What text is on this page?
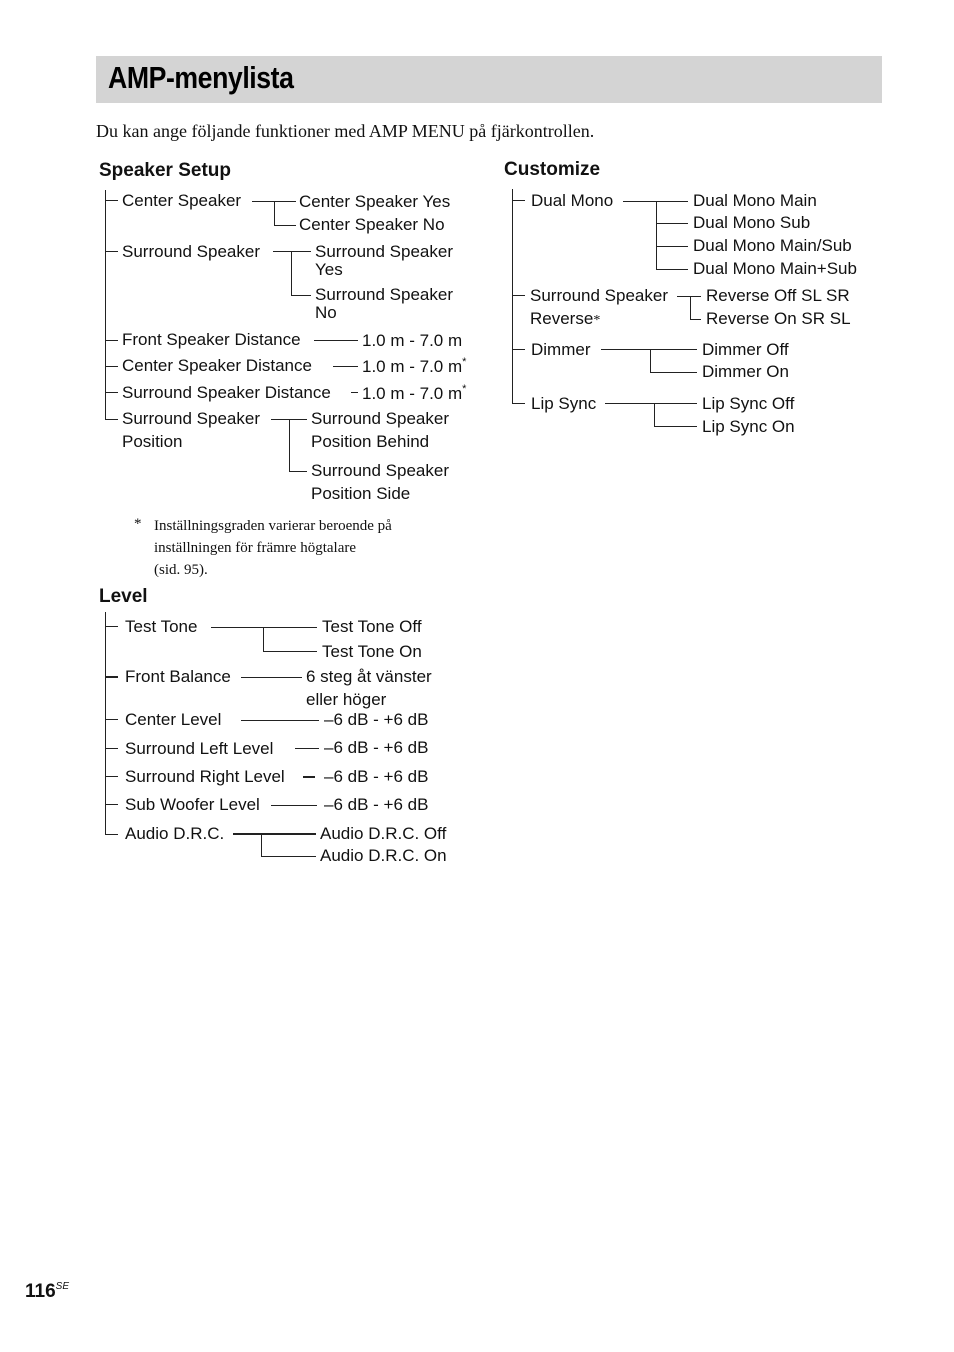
AMP-menylista
Du kan ange följande funktioner med AMP MENU på fjärkontrollen.
Speaker Setup
Center Speaker	Center Speaker Yes
Center Speaker No
Surround Speaker	Surround Speaker
Yes
Surround Speaker
No
Front Speaker Distance	1.0 m - 7.0 m
Center Speaker Distance	1.0 m - 7.0 m*
Surround Speaker Distance 1.0 m - 7.0 m*
Surround Speaker
Position
Surround Speaker
Position Behind
Surround Speaker
Position Side
* Inställningsgraden varierar beroende på
inställningen för främre högtalare
(sid. 95).
Level
Test Tone	Test Tone Off
Test Tone On
Front Balance	6 steg åt vänster
eller höger
Center Level	–6 dB - +6 dB
Surround Left Level	–6 dB - +6 dB
Surround Right Level –6 dB - +6 dB
Sub Woofer Level	–6 dB - +6 dB
Audio D.R.C.	Audio D.R.C. Off
Audio D.R.C. On
Customize
Dual Mono	Dual Mono Main
Dual Mono Sub
Dual Mono Main/Sub
Dual Mono Main+Sub
Surround Speaker
Reverse*
Reverse Off SL SR
Reverse On SR SL
Dimmer	Dimmer Off
Dimmer On
Lip Sync	Lip Sync Off
Lip Sync On
$116^{SE}$
